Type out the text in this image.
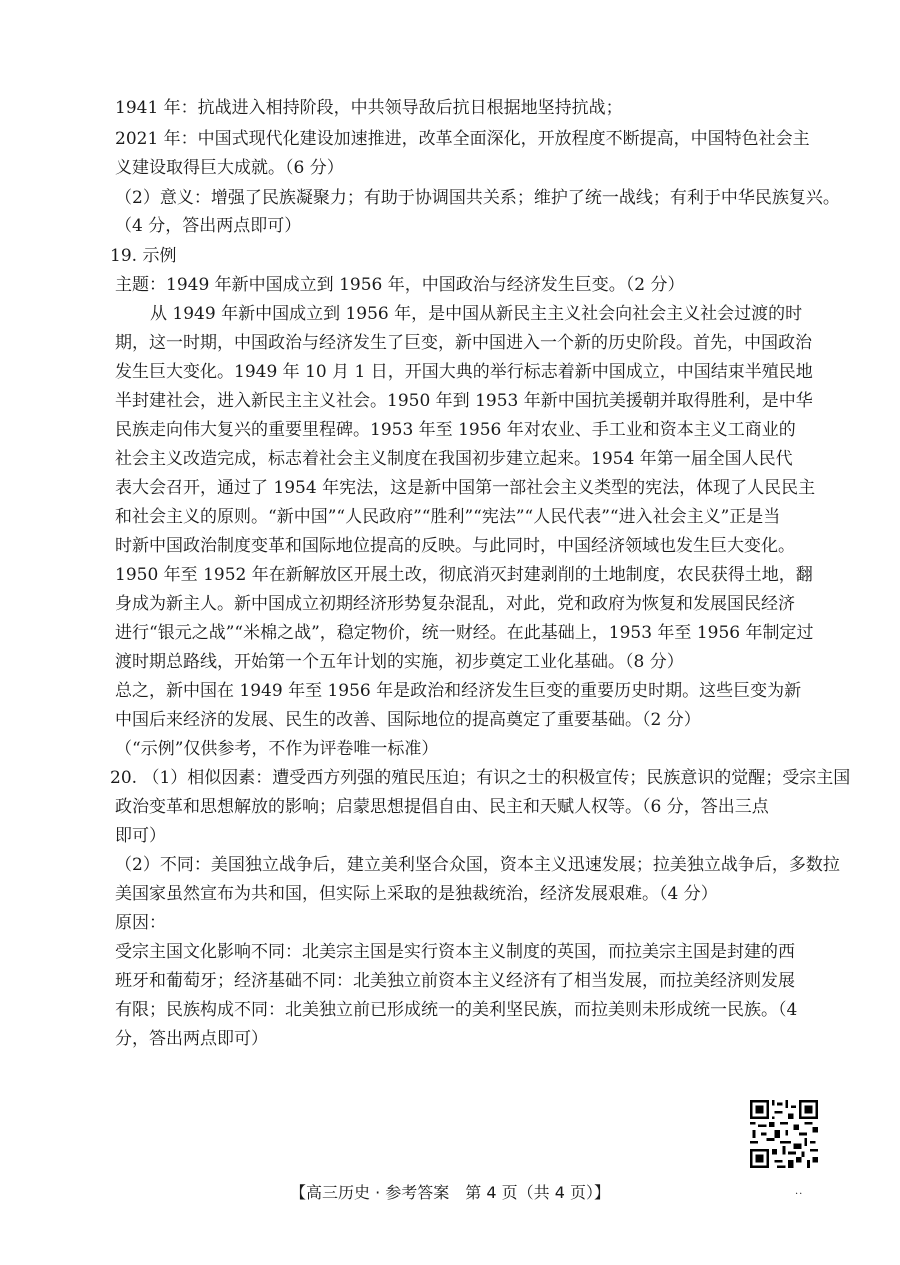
1941 年：抗战进入相持阶段，中共领导敌后抗日根据地坚持抗战；
2021 年：中国式现代化建设加速推进，改革全面深化，开放程度不断提高，中国特色社会主
义建设取得巨大成就。（6 分）
（2）意义：增强了民族凝聚力；有助于协调国共关系；维护了统一战线；有利于中华民族复兴。
（4 分，答出两点即可）
19. 示例
主题：1949 年新中国成立到 1956 年，中国政治与经济发生巨变。（2 分）
从 1949 年新中国成立到 1956 年，是中国从新民主主义社会向社会主义社会过渡的时
期，这一时期，中国政治与经济发生了巨变，新中国进入一个新的历史阶段。首先，中国政治
发生巨大变化。1949 年 10 月 1 日，开国大典的举行标志着新中国成立，中国结束半殖民地
半封建社会，进入新民主主义社会。1950 年到 1953 年新中国抗美援朝并取得胜利，是中华
民族走向伟大复兴的重要里程碑。1953 年至 1956 年对农业、手工业和资本主义工商业的
社会主义改造完成，标志着社会主义制度在我国初步建立起来。1954 年第一届全国人民代
表大会召开，通过了 1954 年宪法，这是新中国第一部社会主义类型的宪法，体现了人民民主
和社会主义的原则。“新中国”“人民政府”“胜利”“宪法”“人民代表”“进入社会主义”正是当
时新中国政治制度变革和国际地位提高的反映。与此同时，中国经济领域也发生巨大变化。
1950 年至 1952 年在新解放区开展土改，彻底消灭封建剥削的土地制度，农民获得土地，翻
身成为新主人。新中国成立初期经济形势复杂混乱，对此，党和政府为恢复和发展国民经济
进行“银元之战”“米棉之战”，稳定物价，统一财经。在此基础上，1953 年至 1956 年制定过
渡时期总路线，开始第一个五年计划的实施，初步奠定工业化基础。（8 分）
总之，新中国在 1949 年至 1956 年是政治和经济发生巨变的重要历史时期。这些巨变为新
中国后来经济的发展、民生的改善、国际地位的提高奠定了重要基础。（2 分）
（“示例”仅供参考，不作为评卷唯一标准）
20. （1）相似因素：遭受西方列强的殖民压迫；有识之士的积极宣传；民族意识的觉醒；受宗主国
政治变革和思想解放的影响；启蒙思想提倡自由、民主和天赋人权等。（6 分，答出三点
即可）
（2）不同：美国独立战争后，建立美利坚合众国，资本主义迅速发展；拉美独立战争后，多数拉
美国家虽然宣布为共和国，但实际上采取的是独裁统治，经济发展艰难。（4 分）
原因：
受宗主国文化影响不同：北美宗主国是实行资本主义制度的英国，而拉美宗主国是封建的西
班牙和葡萄牙；经济基础不同：北美独立前资本主义经济有了相当发展，而拉美经济则发展
有限；民族构成不同：北美独立前已形成统一的美利坚民族，而拉美则未形成统一民族。（4
分，答出两点即可）
【高三历史 · 参考答案　第 4 页（共 4 页）】	..
